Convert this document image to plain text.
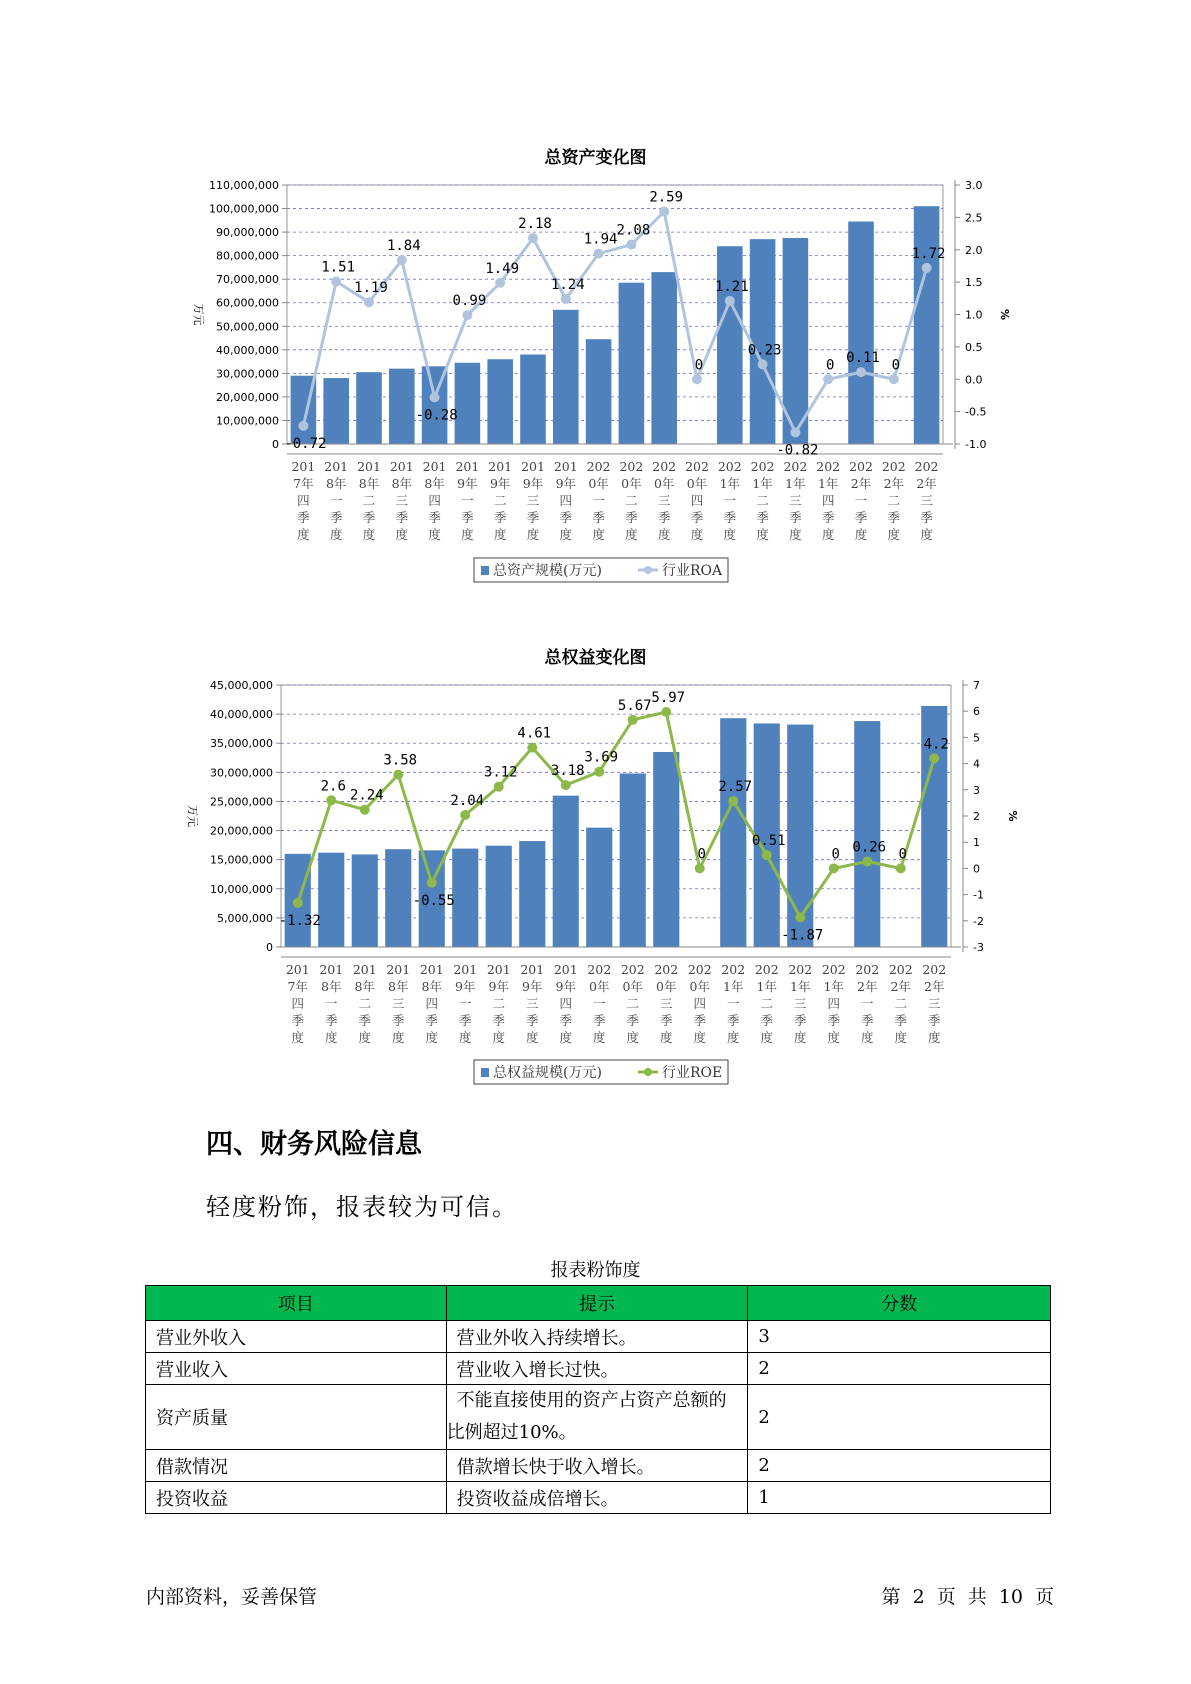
总资产变化图
110,000,000
100,000,000
90,000,000
80,000,000
70,000,000
60,000,000
50,000,000
40,000,000
30,000,000
20,000,000
10,000,000
0
3.0
2.5
2.0
1.5
1.0
0.5
0.0
-0.5
-1.0
万元	%
201
7年
四
季
度
201
8年
一
季
度
201
8年
二
季
度
201
8年
三
季
度
201
8年
四
季
度
201
9年
一
季
度
201
9年
二
季
度
201
9年
三
季
度
201
9年
四
季
度
202
0年
一
季
度
202
0年
二
季
度
202
0年
三
季
度
202
0年
四
季
度
202
1年
一
季
度
202
1年
二
季
度
202
1年
三
季
度
202
1年
四
季
度
202
2年
一
季
度
202
2年
二
季
度
202
2年
三
季
度
-0.72
1.51
1.19
1.84
-0.28
0.99
1.49
2.18
1.24
1.94
2.08
2.59
0
1.21
0.23
-0.82
0 0.11 0
1.72
总资产规模(万元)	行业ROA
总权益变化图
45,000,000
40,000,000
35,000,000
30,000,000
25,000,000
20,000,000
15,000,000
10,000,000
5,000,000
0
7
6
5
4
3
2
1
0
-1
-2
-3
万元	%
201
7年
四
季
度
201
8年
一
季
度
201
8年
二
季
度
201
8年
三
季
度
201
8年
四
季
度
201
9年
一
季
度
201
9年
二
季
度
201
9年
三
季
度
201
9年
四
季
度
202
0年
一
季
度
202
0年
二
季
度
202
0年
三
季
度
202
0年
四
季
度
202
1年
一
季
度
202
1年
二
季
度
202
1年
三
季
度
202
1年
四
季
度
202
2年
一
季
度
202
2年
二
季
度
202
2年
三
季
度
-1.32
2.6
2.24
3.58
-0.55
2.04
3.12
4.61
3.18
3.69
5.67 5.97
0
2.57
0.51
-1.87
0 0.26 0
4.2
总权益规模(万元)	行业ROE
四、财务风险信息
轻度粉饰，报表较为可信。
报表粉饰度
项目	提示	分数
营业外收入	营业外收入持续增长。	3
营业收入	营业收入增长过快。	2
资产质量	不能直接使用的资产占资产总额的比例超过10%。	2
借款情况	借款增长快于收入增长。	2
投资收益	投资收益成倍增长。	1
内部资料，妥善保管	第 2 页 共 10 页
